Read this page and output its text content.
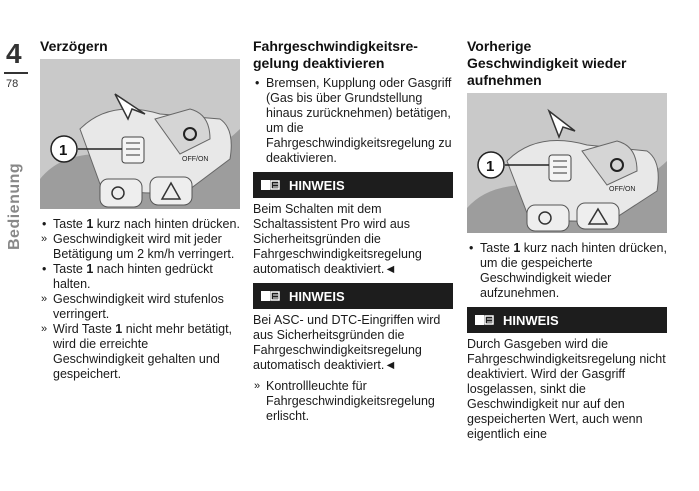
4
78
Bedienung
Verzögern
OFF/ON
1
• Taste 1 kurz nach hinten drücken.
» Geschwindigkeit wird mit jeder Betätigung um 2 km/h verringert.
• Taste 1 nach hinten gedrückt halten.
» Geschwindigkeit wird stufenlos verringert.
» Wird Taste 1 nicht mehr betätigt, wird die erreichte Geschwindigkeit gehalten und gespeichert.
Fahrgeschwindigkeitsre-
gelung deaktivieren
• Bremsen, Kupplung oder Gasgriff (Gas bis über Grundstellung hinaus zurücknehmen) betätigen, um die Fahrgeschwindigkeitsregelung zu deaktivieren.
HINWEIS

Beim Schalten mit dem Schaltassistent Pro wird aus Sicherheitsgründen die Fahrgeschwindigkeitsregelung automatisch deaktiviert.◄

HINWEIS

Bei ASC- und DTC-Eingriffen wird aus Sicherheitsgründen die Fahrgeschwindigkeitsregelung automatisch deaktiviert.◄

» Kontrollleuchte für Fahrgeschwindigkeitsregelung erlischt.
Vorherige
Geschwindigkeit wieder
aufnehmen
OFF/ON
1
• Taste 1 kurz nach hinten drücken, um die gespeicherte Geschwindigkeit wieder aufzunehmen.
HINWEIS

Durch Gasgeben wird die Fahrgeschwindigkeitsregelung nicht deaktiviert. Wird der Gasgriff losgelassen, sinkt die Geschwindigkeit nur auf den gespeicherten Wert, auch wenn eigentlich eine
